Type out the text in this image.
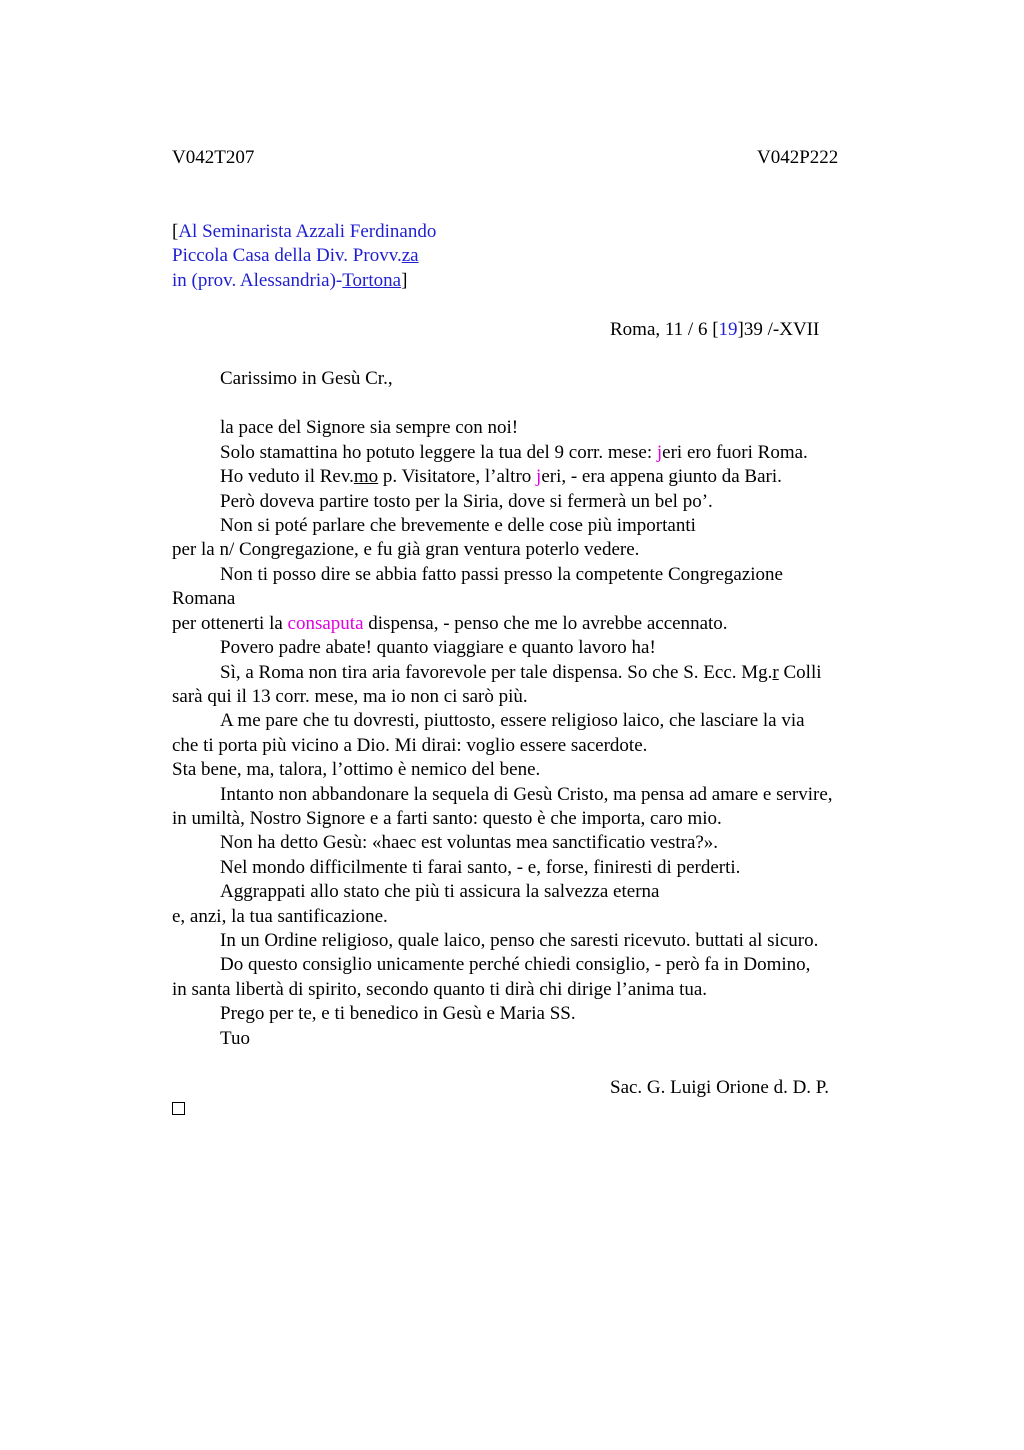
V042T207	V042P222
[Al Seminarista Azzali Ferdinando
Piccola Casa della Div. Provv.za
in (prov. Alessandria)-Tortona]
Roma, 11 / 6 [19]39 /-XVII
Carissimo in Gesù Cr.,
la pace del Signore sia sempre con noi!
Solo stamattina ho potuto leggere la tua del 9 corr. mese: jeri ero fuori Roma.
Ho veduto il Rev.mo p. Visitatore, l’altro jeri, - era appena giunto da Bari.
Però doveva partire tosto per la Siria, dove si fermerà un bel po’.
Non si poté parlare che brevemente e delle cose più importanti
per la n/ Congregazione, e fu già gran ventura poterlo vedere.
Non ti posso dire se abbia fatto passi presso la competente Congregazione
Romana
per ottenerti la consaputa dispensa, - penso che me lo avrebbe accennato.
Povero padre abate! quanto viaggiare e quanto lavoro ha!
Sì, a Roma non tira aria favorevole per tale dispensa. So che S. Ecc. Mg.r Colli
sarà qui il 13 corr. mese, ma io non ci sarò più.
A me pare che tu dovresti, piuttosto, essere religioso laico, che lasciare la via
che ti porta più vicino a Dio. Mi dirai: voglio essere sacerdote.
Sta bene, ma, talora, l’ottimo è nemico del bene.
Intanto non abbandonare la sequela di Gesù Cristo, ma pensa ad amare e servire,
in umiltà, Nostro Signore e a farti santo: questo è che importa, caro mio.
Non ha detto Gesù: «haec est voluntas mea sanctificatio vestra?».
Nel mondo difficilmente ti farai santo, - e, forse, finiresti di perderti.
Aggrappati allo stato che più ti assicura la salvezza eterna
e, anzi, la tua santificazione.
In un Ordine religioso, quale laico, penso che saresti ricevuto. buttati al sicuro.
Do questo consiglio unicamente perché chiedi consiglio, - però fa in Domino,
in santa libertà di spirito, secondo quanto ti dirà chi dirige l’anima tua.
Prego per te, e ti benedico in Gesù e Maria SS.
Tuo
Sac. G. Luigi Orione d. D. P.
